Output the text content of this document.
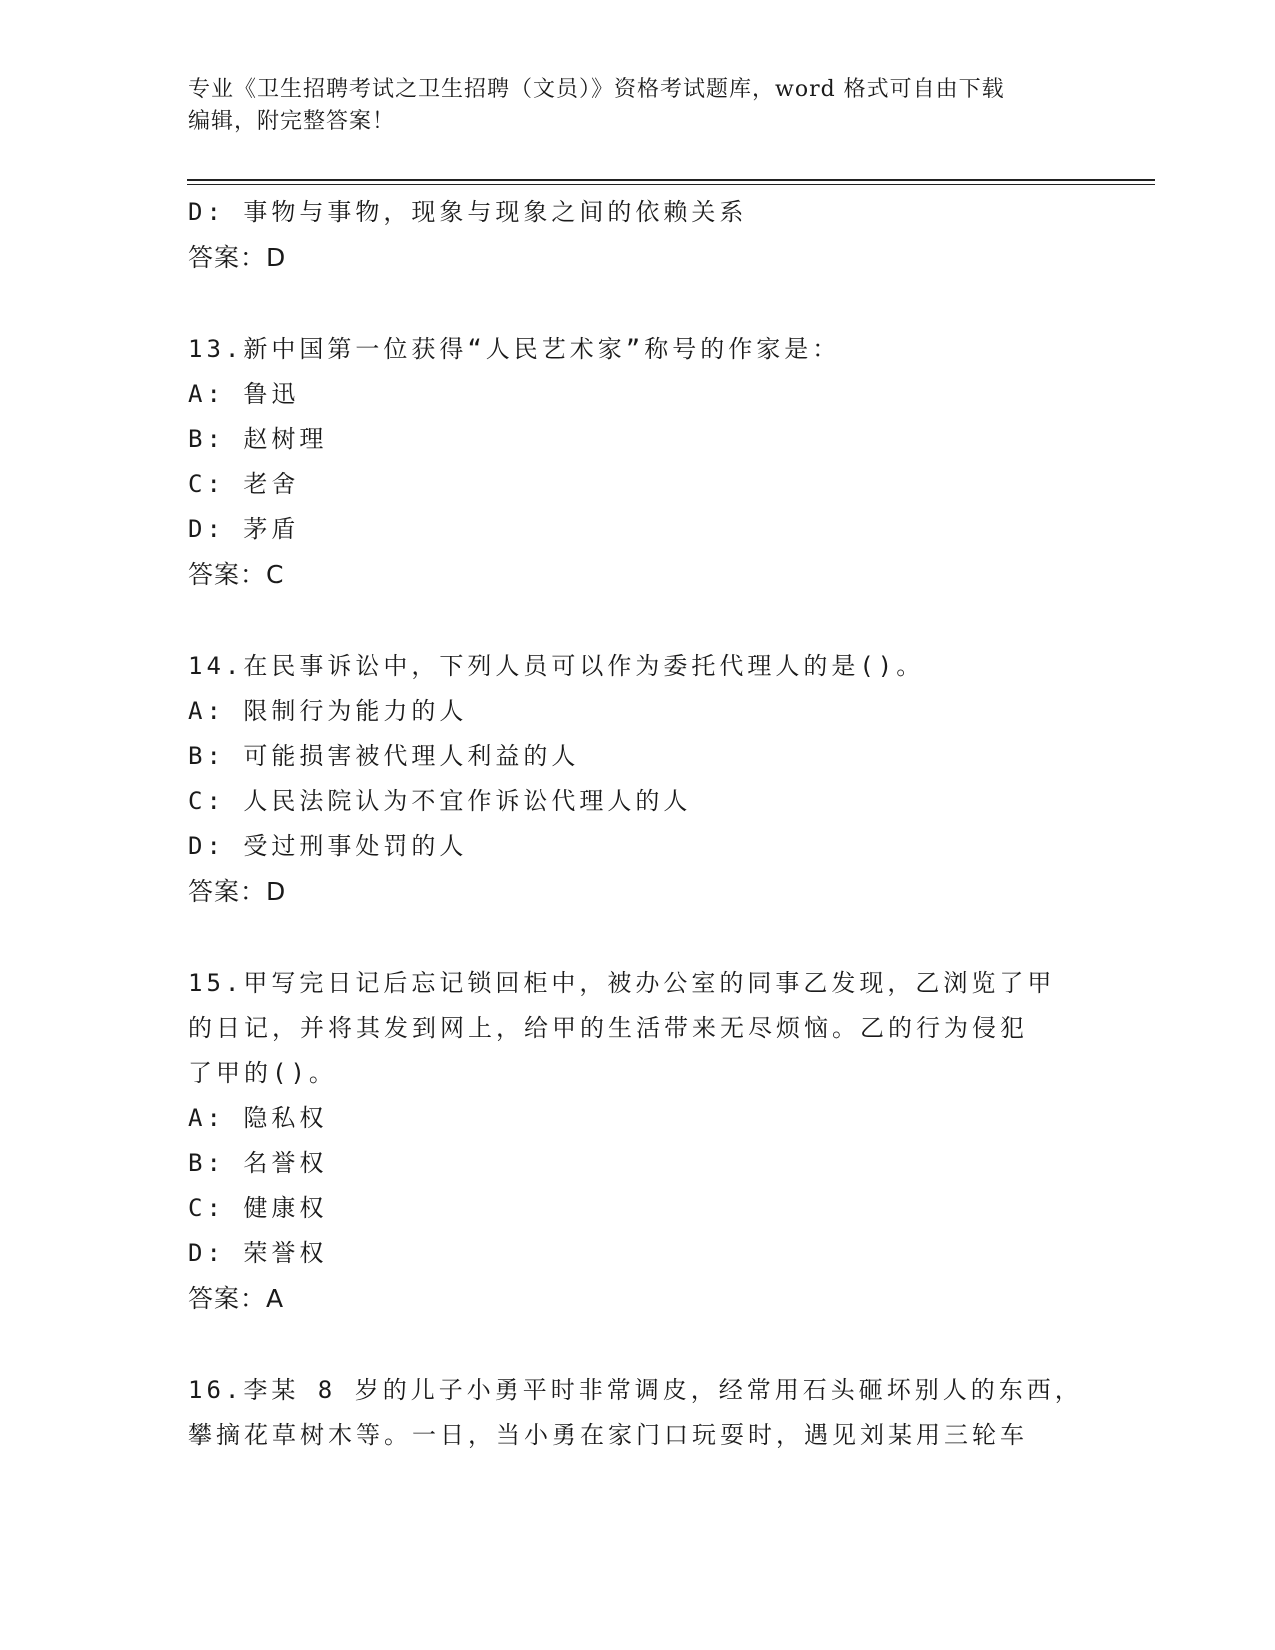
专业《卫生招聘考试之卫生招聘（文员）》资格考试题库，word 格式可自由下载
编辑，附完整答案！
D: 事物与事物，现象与现象之间的依赖关系
答案：D
13.新中国第一位获得“人民艺术家”称号的作家是：
A: 鲁迅
B: 赵树理
C: 老舍
D: 茅盾
答案：C
14.在民事诉讼中，下列人员可以作为委托代理人的是()。
A: 限制行为能力的人
B: 可能损害被代理人利益的人
C: 人民法院认为不宜作诉讼代理人的人
D: 受过刑事处罚的人
答案：D
15.甲写完日记后忘记锁回柜中，被办公室的同事乙发现，乙浏览了甲
的日记，并将其发到网上，给甲的生活带来无尽烦恼。乙的行为侵犯
了甲的()。
A: 隐私权
B: 名誉权
C: 健康权
D: 荣誉权
答案：A
16.李某 8 岁的儿子小勇平时非常调皮，经常用石头砸坏别人的东西，
攀摘花草树木等。一日，当小勇在家门口玩耍时，遇见刘某用三轮车
